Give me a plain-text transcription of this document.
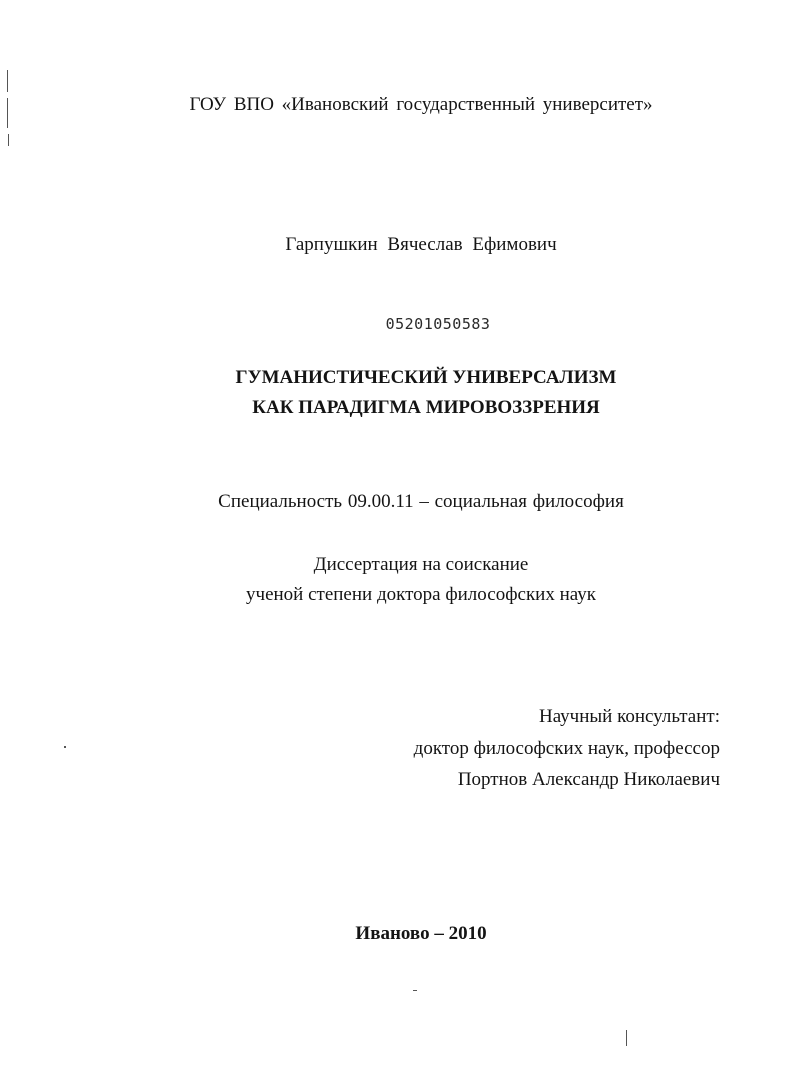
ГОУ ВПО «Ивановский государственный университет»
Гарпушкин Вячеслав Ефимович
05201050583
ГУМАНИСТИЧЕСКИЙ УНИВЕРСАЛИЗМ
КАК ПАРАДИГМА МИРОВОЗЗРЕНИЯ
Специальность 09.00.11 – социальная философия
Диссертация на соискание
ученой степени доктора философских наук
Научный консультант:
доктор философских наук, профессор
Портнов Александр Николаевич
Иваново – 2010
